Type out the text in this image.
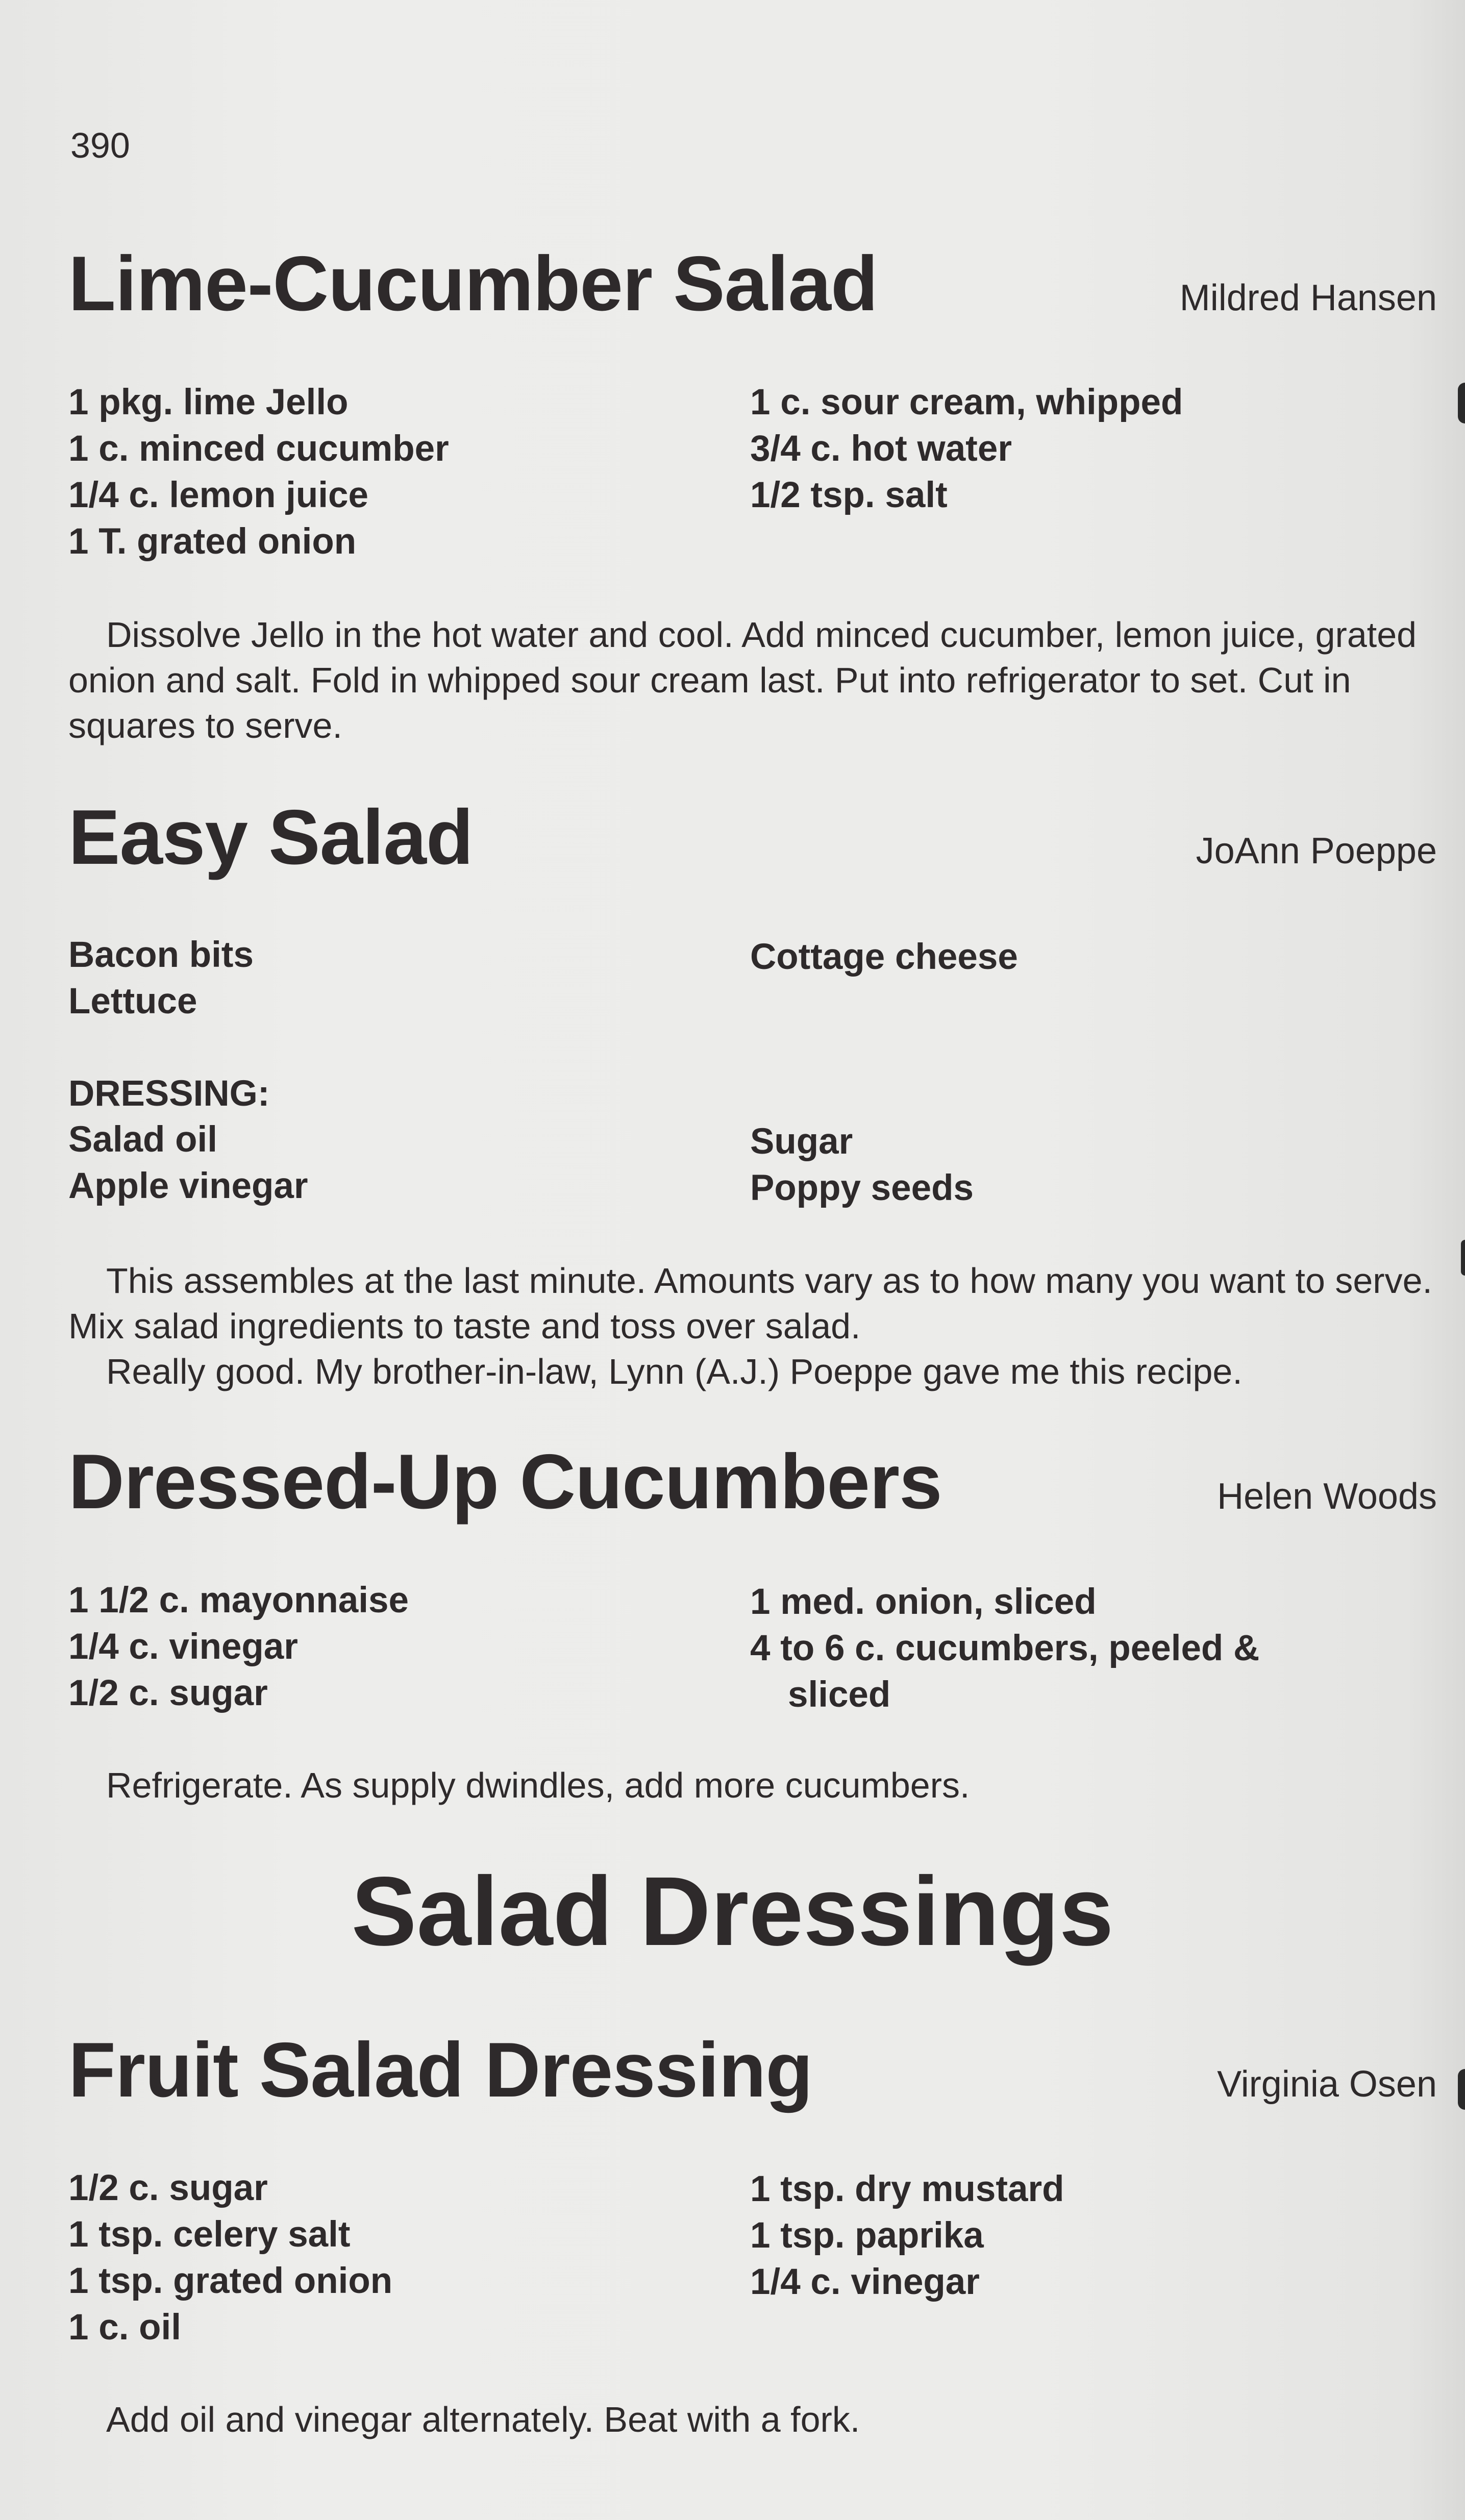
390
Lime-Cucumber Salad	Mildred Hansen
1 pkg. lime Jello
1 c. minced cucumber
1/4 c. lemon juice
1 T. grated onion
1 c. sour cream, whipped
3/4 c. hot water
1/2 tsp. salt

Dissolve Jello in the hot water and cool. Add minced cucumber, lemon juice, grated onion and salt. Fold in whipped sour cream last. Put into refrigerator to set. Cut in squares to serve.

Easy Salad	JoAnn Poeppe
Bacon bits
Lettuce
Cottage cheese
DRESSING:
Salad oil
Apple vinegar
Sugar
Poppy seeds

This assembles at the last minute. Amounts vary as to how many you want to serve. Mix salad ingredients to taste and toss over salad.

Really good. My brother-in-law, Lynn (A.J.) Poeppe gave me this recipe.

Dressed-Up Cucumbers	Helen Woods
1 1/2 c. mayonnaise
1/4 c. vinegar
1/2 c. sugar
1 med. onion, sliced
4 to 6 c. cucumbers, peeled &
sliced

Refrigerate. As supply dwindles, add more cucumbers.

Salad Dressings
Fruit Salad Dressing	Virginia Osen
1/2 c. sugar
1 tsp. celery salt
1 tsp. grated onion
1 c. oil
1 tsp. dry mustard
1 tsp. paprika
1/4 c. vinegar

Add oil and vinegar alternately. Beat with a fork.
